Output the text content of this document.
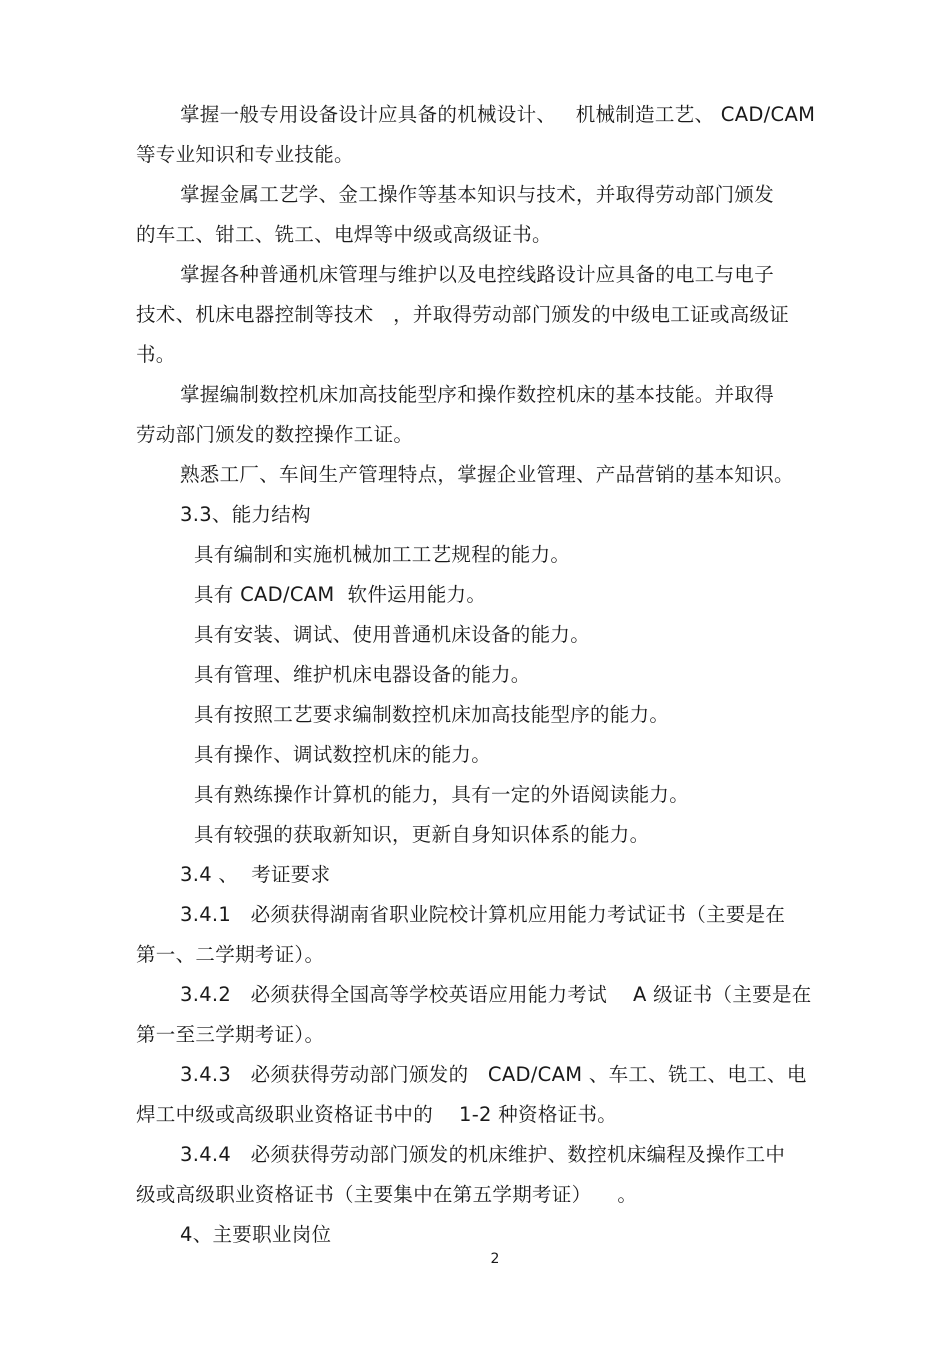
掌握一般专用设备设计应具备的机械设计、   机械制造工艺、 CAD/CAM
等专业知识和专业技能。
掌握金属工艺学、金工操作等基本知识与技术，并取得劳动部门颁发
的车工、钳工、铣工、电焊等中级或高级证书。
掌握各种普通机床管理与维护以及电控线路设计应具备的电工与电子
技术、机床电器控制等技术   ，并取得劳动部门颁发的中级电工证或高级证
书。
掌握编制数控机床加高技能型序和操作数控机床的基本技能。并取得
劳动部门颁发的数控操作工证。
熟悉工厂、车间生产管理特点，掌握企业管理、产品营销的基本知识。
3.3、能力结构
具有编制和实施机械加工工艺规程的能力。
具有 CAD/CAM  软件运用能力。
具有安装、调试、使用普通机床设备的能力。
具有管理、维护机床电器设备的能力。
具有按照工艺要求编制数控机床加高技能型序的能力。
具有操作、调试数控机床的能力。
具有熟练操作计算机的能力，具有一定的外语阅读能力。
具有较强的获取新知识，更新自身知识体系的能力。
3.4 、  考证要求
3.4.1   必须获得湖南省职业院校计算机应用能力考试证书（主要是在
第一、二学期考证）。
3.4.2   必须获得全国高等学校英语应用能力考试    A 级证书（主要是在
第一至三学期考证）。
3.4.3   必须获得劳动部门颁发的   CAD/CAM 、车工、铣工、电工、电
焊工中级或高级职业资格证书中的    1-2 种资格证书。
3.4.4   必须获得劳动部门颁发的机床维护、数控机床编程及操作工中
级或高级职业资格证书（主要集中在第五学期考证）    。
4、主要职业岗位
2
